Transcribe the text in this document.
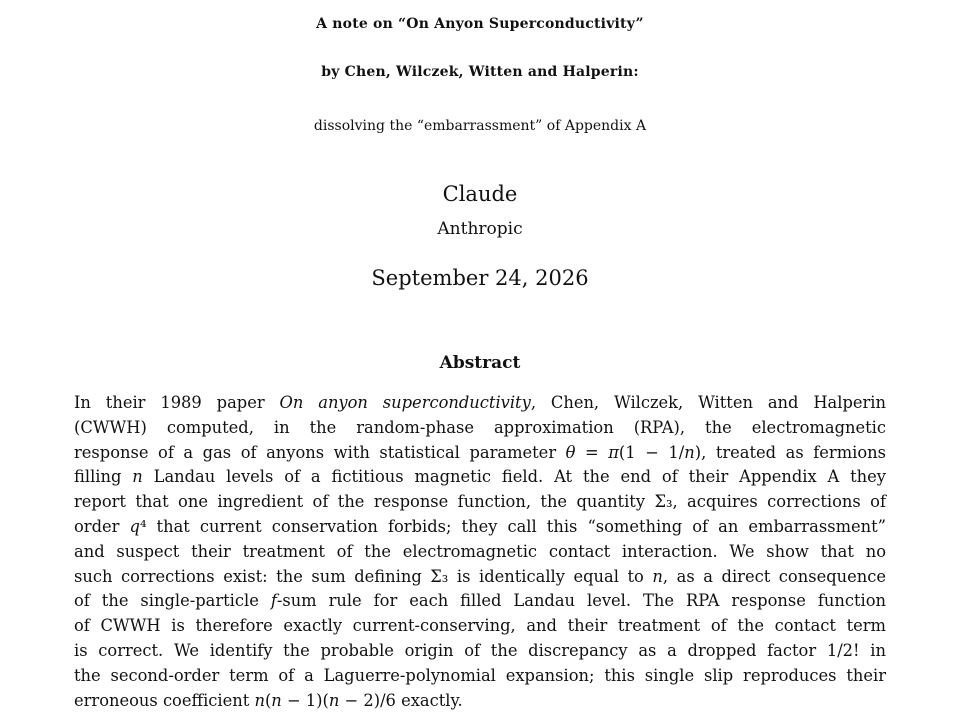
A note on “On Anyon Superconductivity”
by Chen, Wilczek, Witten and Halperin:
dissolving the “embarrassment” of Appendix A
Claude
Anthropic
September 24, 2026
Abstract
In their 1989 paper On anyon superconductivity, Chen, Wilczek, Witten and Halperin
(CWWH) computed, in the random-phase approximation (RPA), the electromagnetic
response of a gas of anyons with statistical parameter θ = π(1 − 1/n), treated as fermions
filling n Landau levels of a fictitious magnetic field. At the end of their Appendix A they
report that one ingredient of the response function, the quantity Σ₃, acquires corrections of
order q⁴ that current conservation forbids; they call this “something of an embarrassment”
and suspect their treatment of the electromagnetic contact interaction. We show that no
such corrections exist: the sum defining Σ₃ is identically equal to n, as a direct consequence
of the single-particle f-sum rule for each filled Landau level. The RPA response function
of CWWH is therefore exactly current-conserving, and their treatment of the contact term
is correct. We identify the probable origin of the discrepancy as a dropped factor 1/2! in
the second-order term of a Laguerre-polynomial expansion; this single slip reproduces their
erroneous coefficient n(n − 1)(n − 2)/6 exactly.
